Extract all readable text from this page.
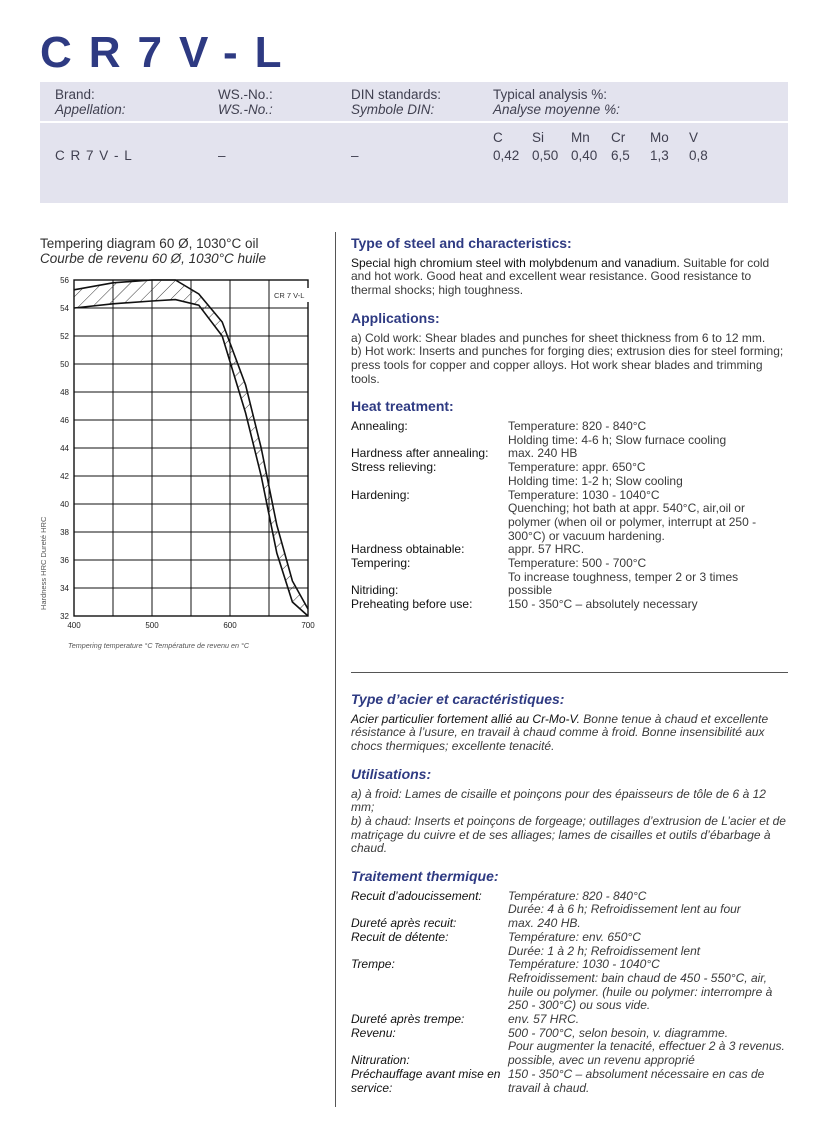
CR7V-L
Brand:
Appellation:
WS.-No.:
WS.-No.:
DIN standards:
Symbole DIN:
Typical analysis %:
Analyse moyenne %:
C R 7 V - L	–	–
C Si Mn Cr Mo V
0,42 0,50 0,40 6,5 1,3 0,8
Tempering diagram 60 Ø, 1030°C oil
Courbe de revenu 60 Ø, 1030°C huile
56
54
52
50
48
46
44
42
40
38
36
34
32
400	500	600	700
CR 7 V-L
Hardness HRC Dureté HRC
Tempering temperature °C Température de revenu en °C
Type of steel and characteristics:

Special high chromium steel with molybdenum and vanadium. Suitable for cold and hot work. Good heat and excellent wear resistance. Good resistance to thermal shocks; high toughness.

Applications:

a) Cold work: Shear blades and punches for sheet thickness from 6 to 12 mm.

b) Hot work: Inserts and punches for forging dies; extrusion dies for steel forming; press tools for copper and copper alloys. Hot work shear blades and trimming tools.

Heat treatment:
Annealing:	Temperature: 820 - 840°C
Holding time: 4-6 h; Slow furnace cooling
Hardness after annealing:	max. 240 HB
Stress relieving:	Temperature: appr. 650°C
Holding time: 1-2 h; Slow cooling
Hardening:	Temperature: 1030 - 1040°C
Quenching; hot bath at appr. 540°C, air,oil or polymer (when oil or polymer, interrupt at 250 - 300°C) or vacuum hardening.
Hardness obtainable:	appr. 57 HRC.
Tempering:	Temperature: 500 - 700°C
To increase toughness, temper 2 or 3 times
Nitriding:	possible
Preheating before use:	150 - 350°C – absolutely necessary
Type d’acier et caractéristiques:

Acier particulier fortement allié au Cr-Mo-V. Bonne tenue à chaud et excellente résistance à l’usure, en travail à chaud comme à froid. Bonne insensibilité aux chocs thermiques; excellente tenacité.

Utilisations:

a) à froid: Lames de cisaille et poinçons pour des épaisseurs de tôle de 6 à 12 mm;

b) à chaud: Inserts et poinçons de forgeage; outillages d’extrusion de L’acier et de matriçage du cuivre et de ses alliages; lames de cisailles et outils d’ébarbage à chaud.

Traitement thermique:
Recuit d’adoucissement:	Température: 820 - 840°C
Durée: 4 à 6 h; Refroidissement lent au four
Dureté après recuit:	max. 240 HB.
Recuit de détente:	Température: env. 650°C
Durée: 1 à 2 h; Refroidissement lent
Trempe:	Température: 1030 - 1040°C
Refroidissement: bain chaud de 450 - 550°C, air, huile ou polymer. (huile ou polymer: interrompre à 250 - 300°C) ou sous vide.
Dureté après trempe:	env. 57 HRC.
Revenu:	500 - 700°C, selon besoin, v. diagramme.
Pour augmenter la tenacité, effectuer 2 à 3 revenus.
Nitruration:	possible, avec un revenu approprié
Préchauffage avant mise en service:
150 - 350°C – absolument nécessaire en cas de travail à chaud.
